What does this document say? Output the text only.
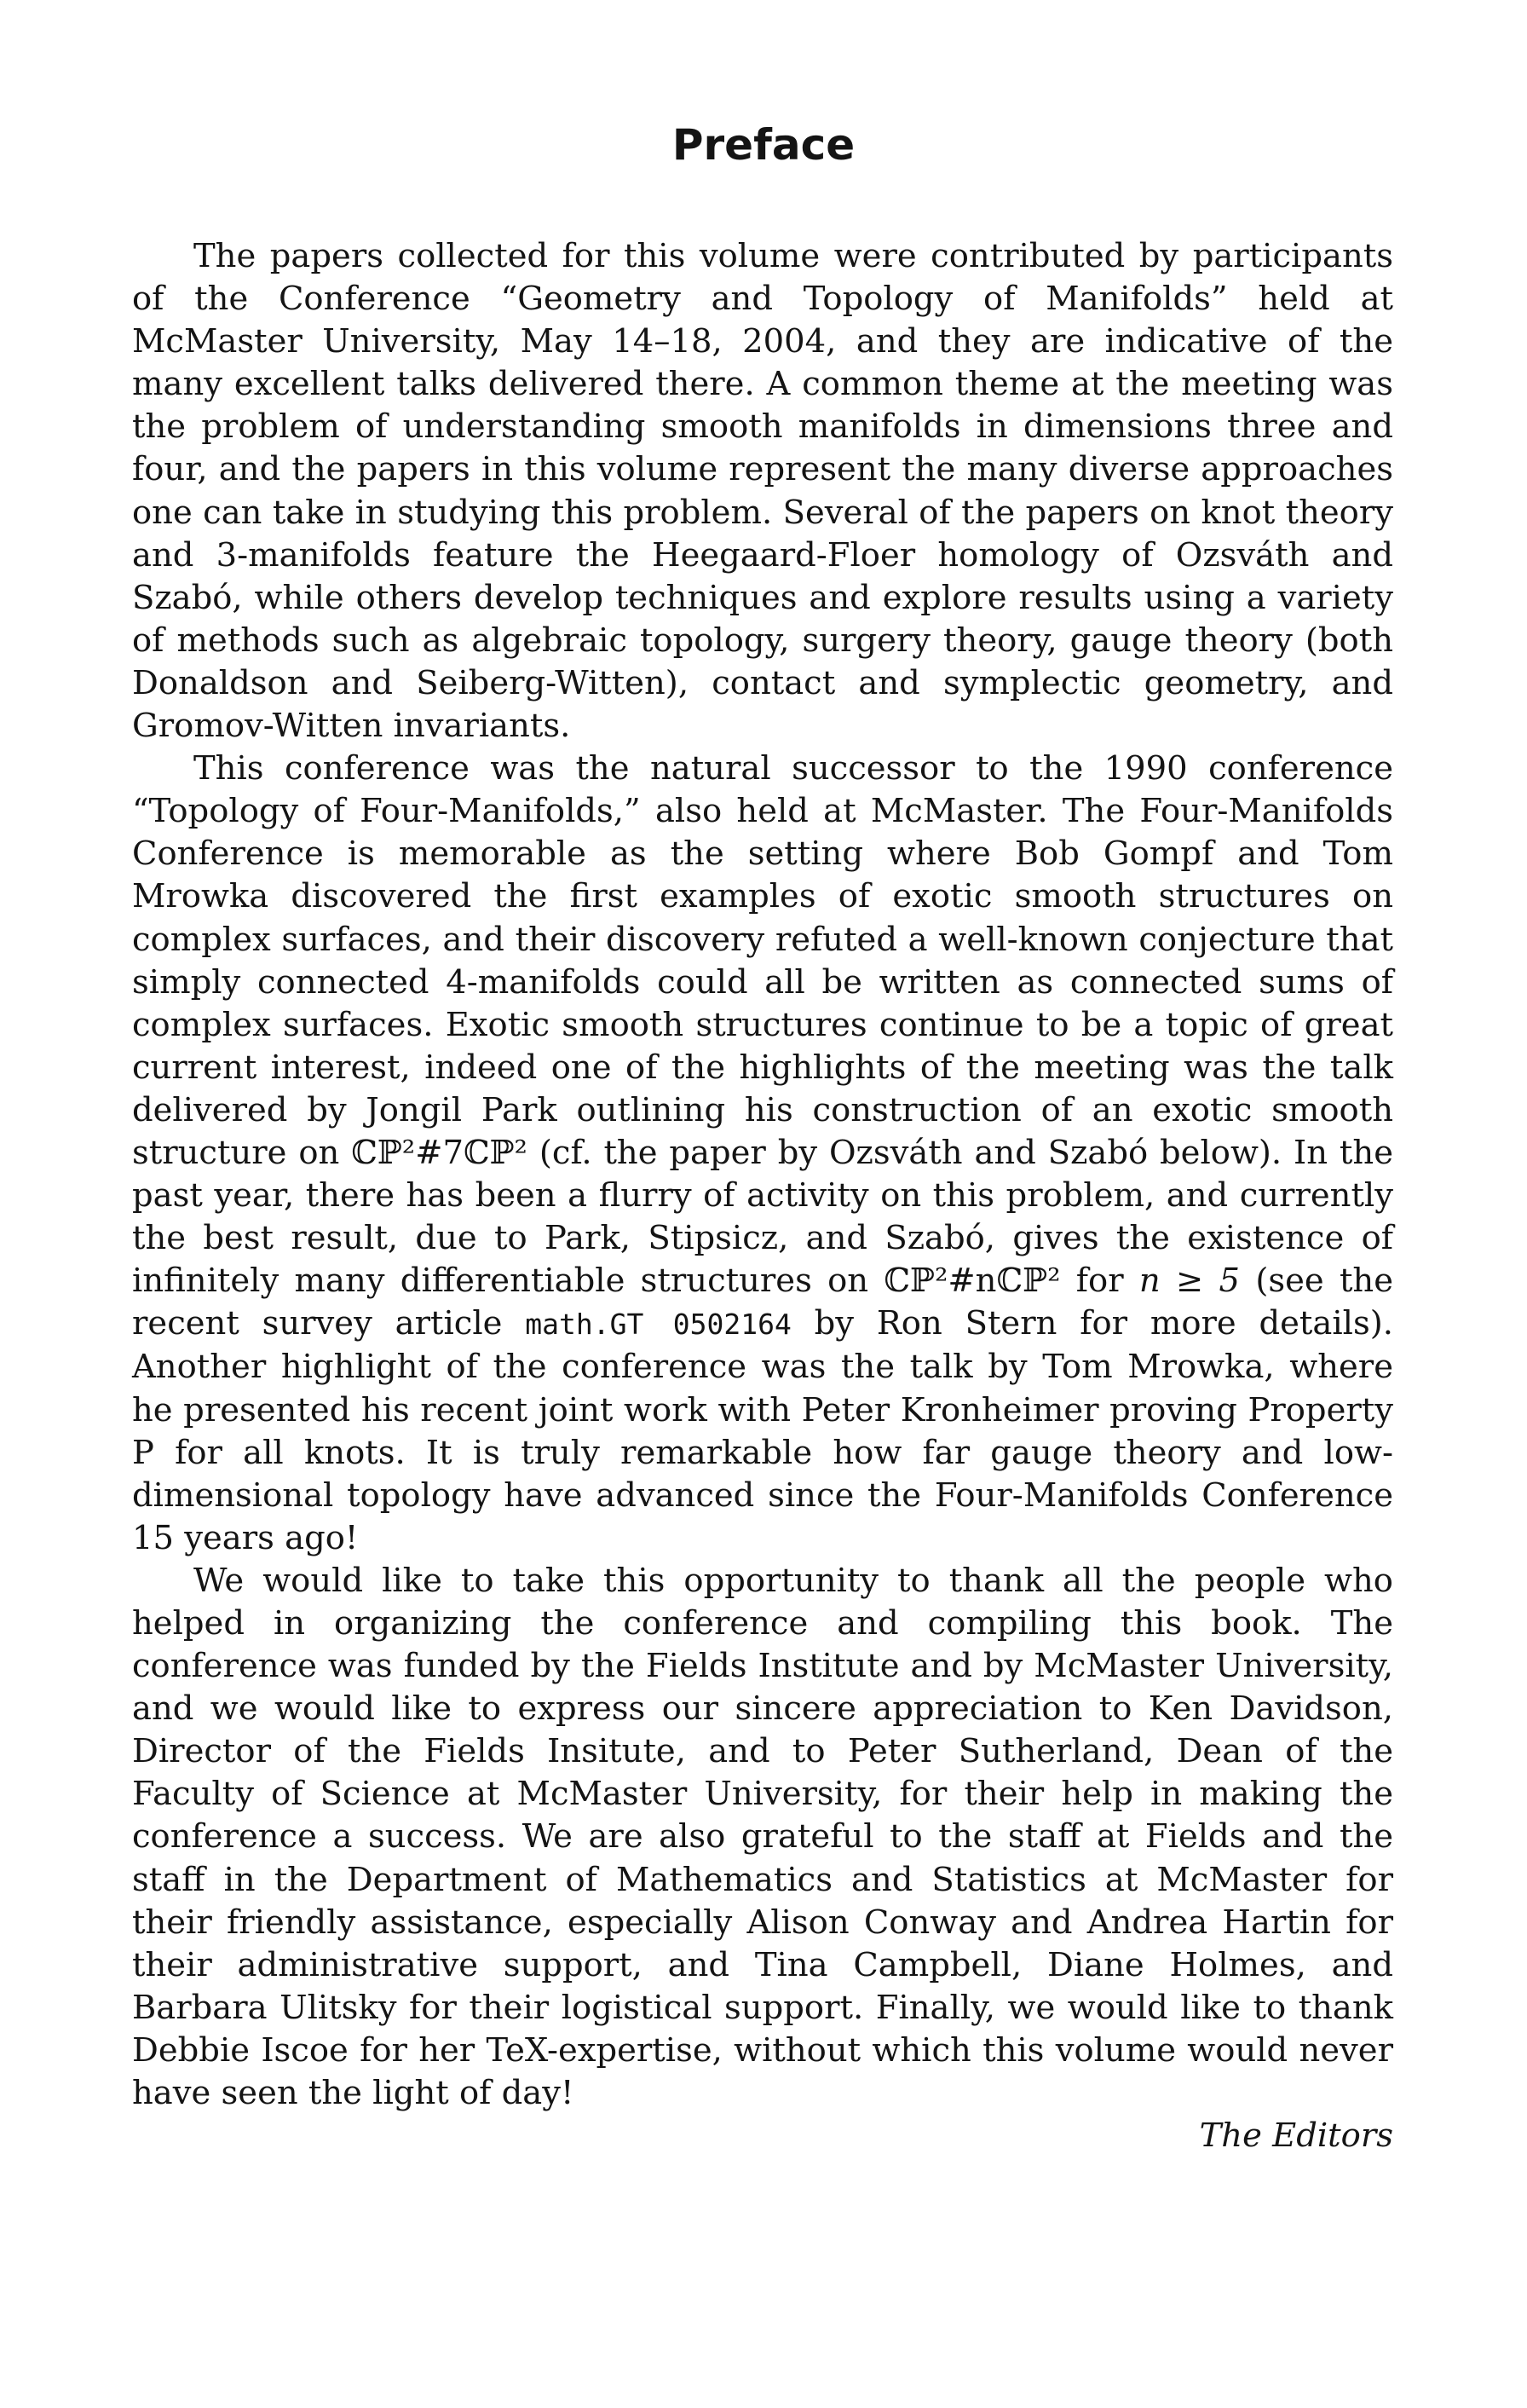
Preface

The papers collected for this volume were contributed by participants of the Conference “Geometry and Topology of Manifolds” held at McMaster University, May 14–18, 2004, and they are indicative of the many excellent talks delivered there. A common theme at the meeting was the problem of understanding smooth manifolds in dimensions three and four, and the papers in this volume represent the many diverse approaches one can take in studying this problem. Several of the papers on knot theory and 3-manifolds feature the Heegaard-Floer homology of Ozsváth and Szabó, while others develop techniques and explore results using a variety of methods such as algebraic topology, surgery theory, gauge theory (both Donaldson and Seiberg-Witten), contact and symplectic geometry, and Gromov-Witten invariants.

This conference was the natural successor to the 1990 conference “Topology of Four-Manifolds,” also held at McMaster. The Four-Manifolds Conference is memorable as the setting where Bob Gompf and Tom Mrowka discovered the first examples of exotic smooth structures on complex surfaces, and their discovery refuted a well-known conjecture that simply connected 4-manifolds could all be written as connected sums of complex surfaces. Exotic smooth structures continue to be a topic of great current interest, indeed one of the highlights of the meeting was the talk delivered by Jongil Park outlining his construction of an exotic smooth structure on ℂℙ²#7ℂℙ² (cf. the paper by Ozsváth and Szabó below). In the past year, there has been a flurry of activity on this problem, and currently the best result, due to Park, Stipsicz, and Szabó, gives the existence of infinitely many differentiable structures on ℂℙ²#nℂℙ² for n ≥ 5 (see the recent survey article math.GT 0502164 by Ron Stern for more details). Another highlight of the conference was the talk by Tom Mrowka, where he presented his recent joint work with Peter Kronheimer proving Property P for all knots. It is truly remarkable how far gauge theory and low-dimensional topology have advanced since the Four-Manifolds Conference 15 years ago!

We would like to take this opportunity to thank all the people who helped in organizing the conference and compiling this book. The conference was funded by the Fields Institute and by McMaster University, and we would like to express our sincere appreciation to Ken Davidson, Director of the Fields Insitute, and to Peter Sutherland, Dean of the Faculty of Science at McMaster University, for their help in making the conference a success. We are also grateful to the staff at Fields and the staff in the Department of Mathematics and Statistics at McMaster for their friendly assistance, especially Alison Conway and Andrea Hartin for their administrative support, and Tina Campbell, Diane Holmes, and Barbara Ulitsky for their logistical support. Finally, we would like to thank Debbie Iscoe for her TeX-expertise, without which this volume would never have seen the light of day!

The Editors
